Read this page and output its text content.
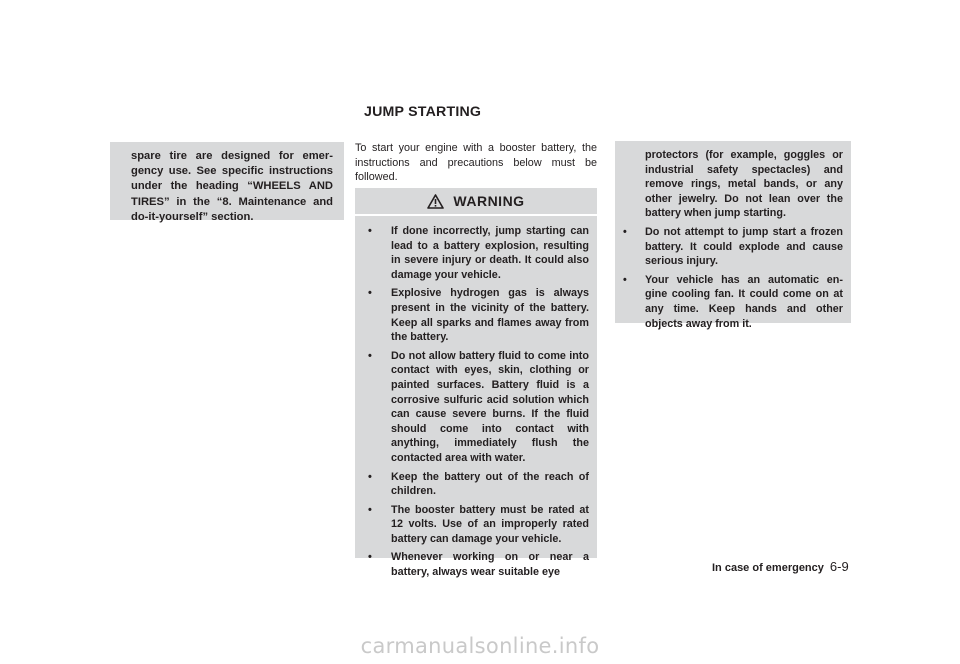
JUMP STARTING

spare tire are designed for emer- gency use. See specific instructions under the heading “WHEELS AND TIRES” in the “8. Maintenance and do-it-yourself” section.

To start your engine with a booster battery, the instructions and precautions below must be followed.

WARNING
• If done incorrectly, jump starting can lead to a battery explosion, resulting in severe injury or death. It could also damage your vehicle.
• Explosive hydrogen gas is always present in the vicinity of the battery. Keep all sparks and flames away from the battery.
• Do not allow battery fluid to come into contact with eyes, skin, clothing or painted surfaces. Battery fluid is a corrosive sulfuric acid solution which can cause severe burns. If the fluid should come into contact with anything, immediately flush the contacted area with water.
• Keep the battery out of the reach of children.
• The booster battery must be rated at 12 volts. Use of an improperly rated battery can damage your vehicle.
• Whenever working on or near a battery, always wear suitable eye

protectors (for example, goggles or industrial safety spectacles) and remove rings, metal bands, or any other jewelry. Do not lean over the battery when jump starting.

• Do not attempt to jump start a frozen battery. It could explode and cause serious injury.
• Your vehicle has an automatic en- gine cooling fan. It could come on at any time. Keep hands and other objects away from it.
In case of emergency 6-9
carmanualsonline.info
